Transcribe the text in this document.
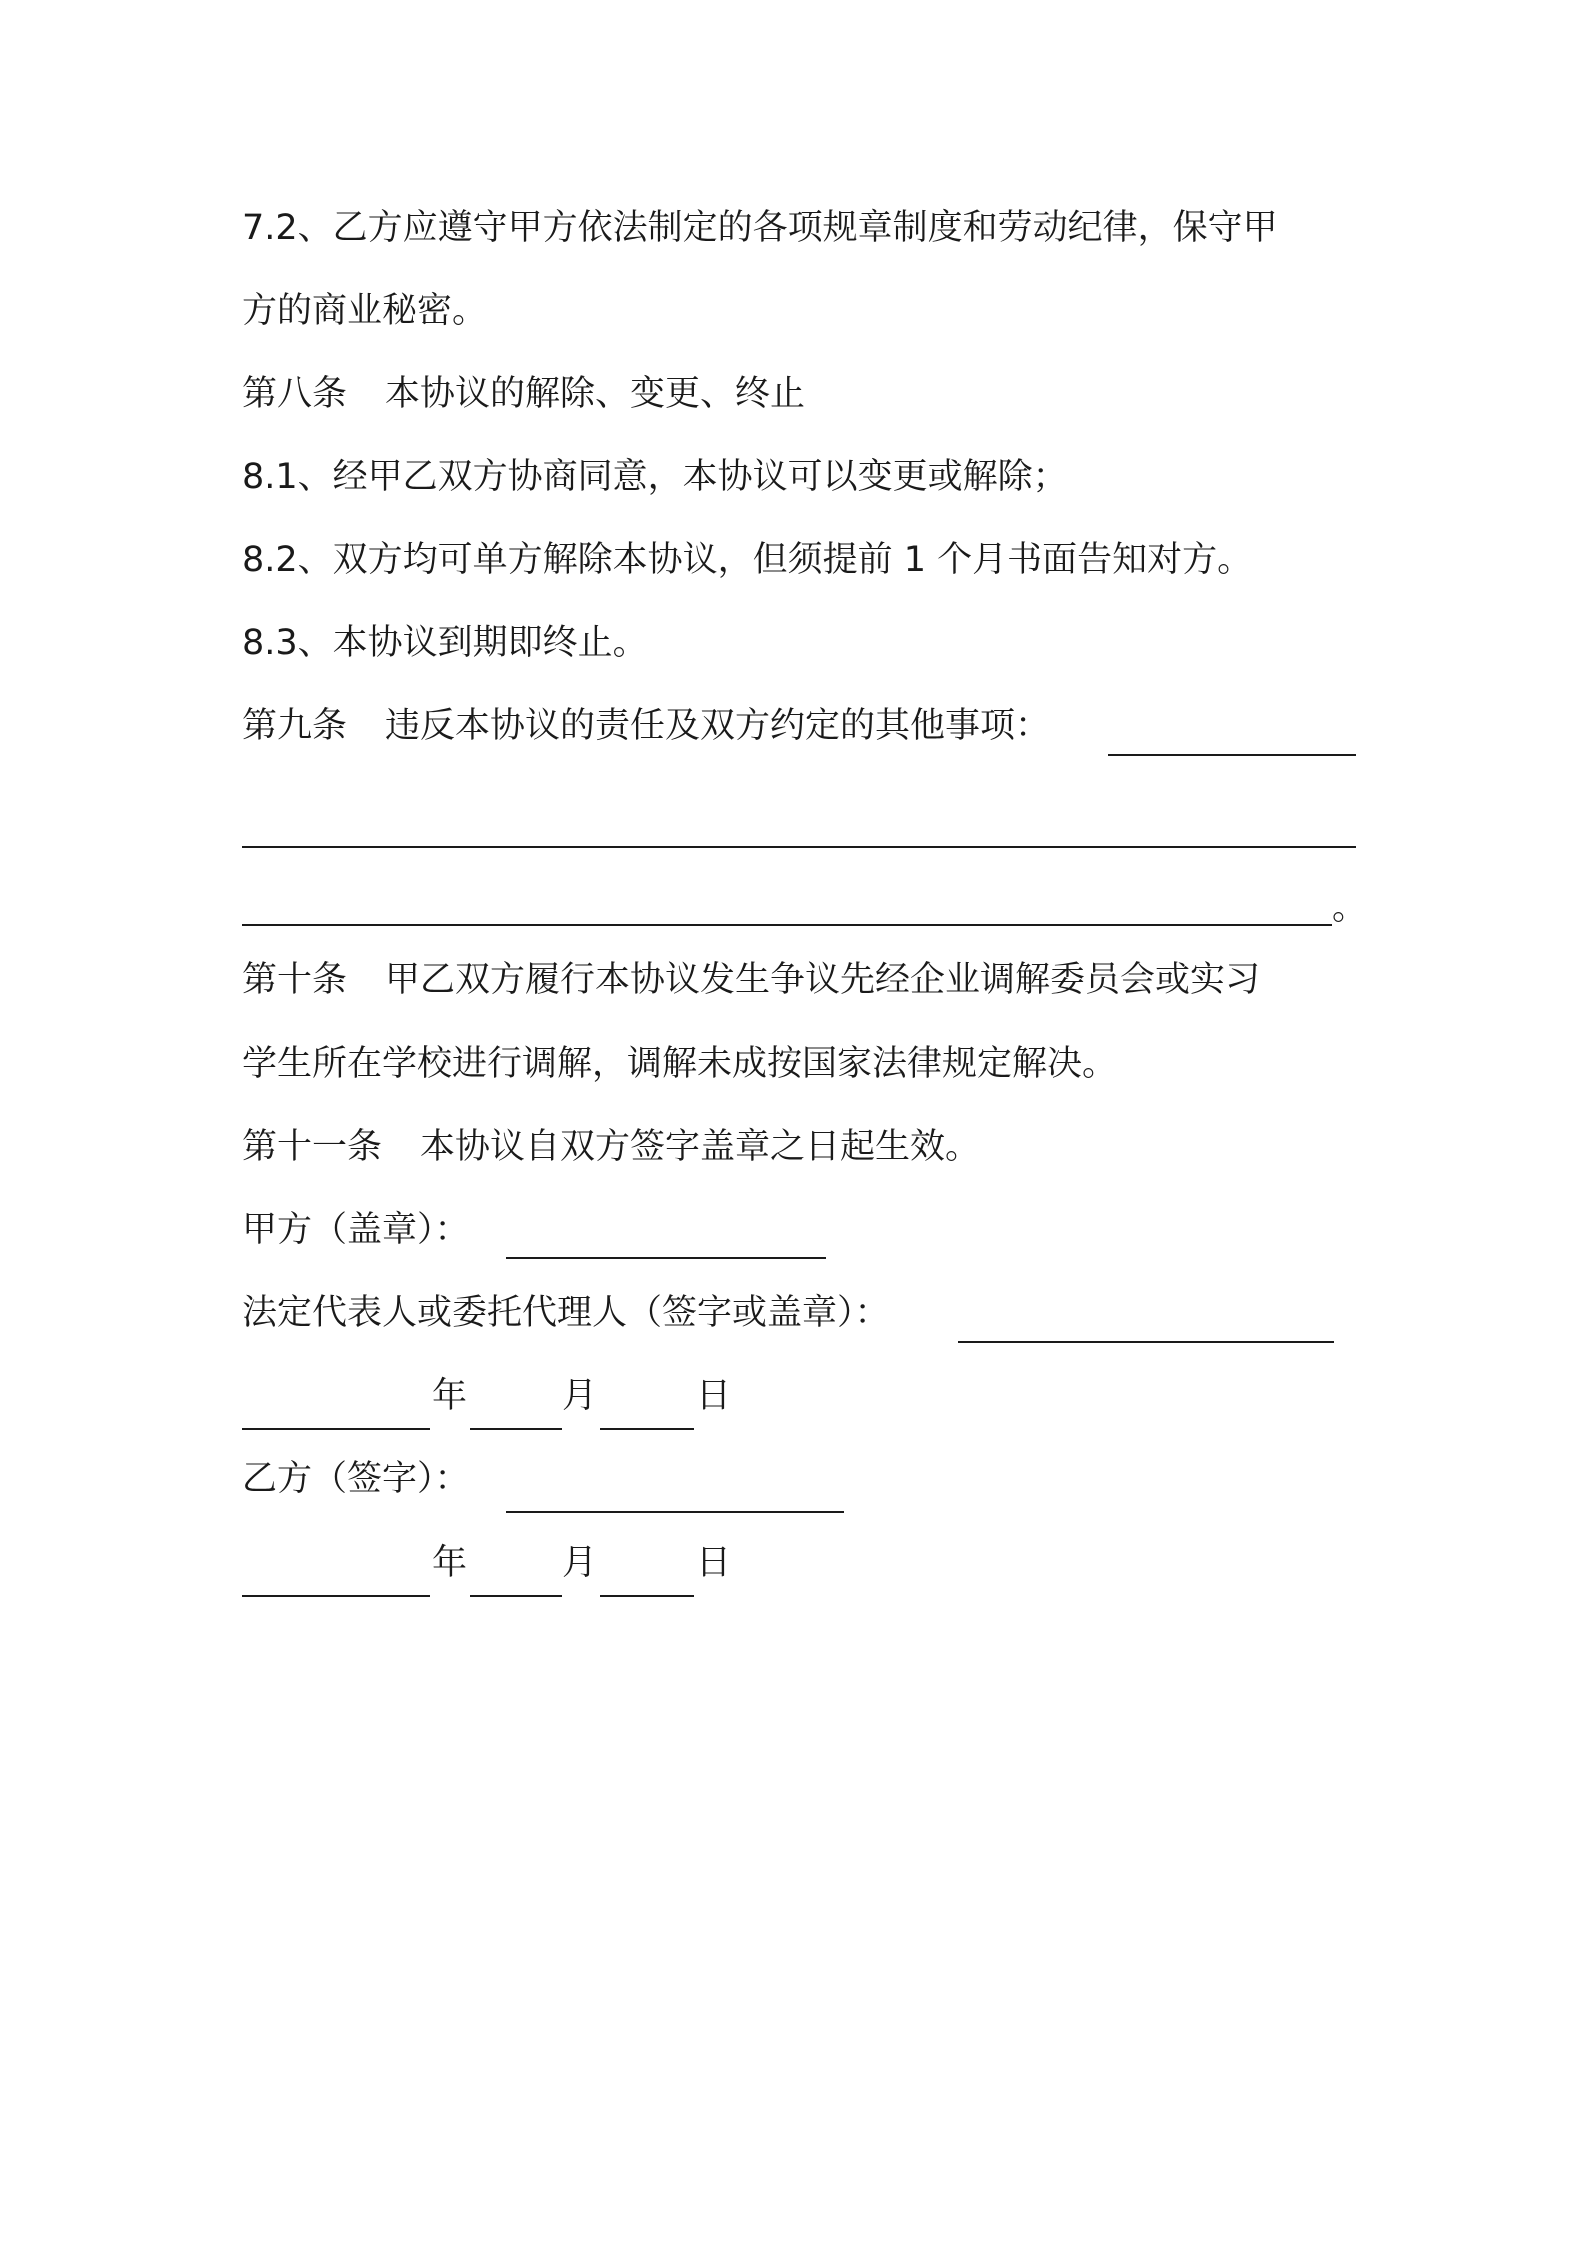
7.2、乙方应遵守甲方依法制定的各项规章制度和劳动纪律，保守甲
方的商业秘密。
第八条 本协议的解除、变更、终止
8.1、经甲乙双方协商同意，本协议可以变更或解除；
8.2、双方均可单方解除本协议，但须提前 1 个月书面告知对方。
8.3、本协议到期即终止。
第九条 违反本协议的责任及双方约定的其他事项：
。
第十条 甲乙双方履行本协议发生争议先经企业调解委员会或实习
学生所在学校进行调解，调解未成按国家法律规定解决。
第十一条 本协议自双方签字盖章之日起生效。
甲方（盖章）：
法定代表人或委托代理人（签字或盖章）：
年	月	日
乙方（签字）：
年	月	日
